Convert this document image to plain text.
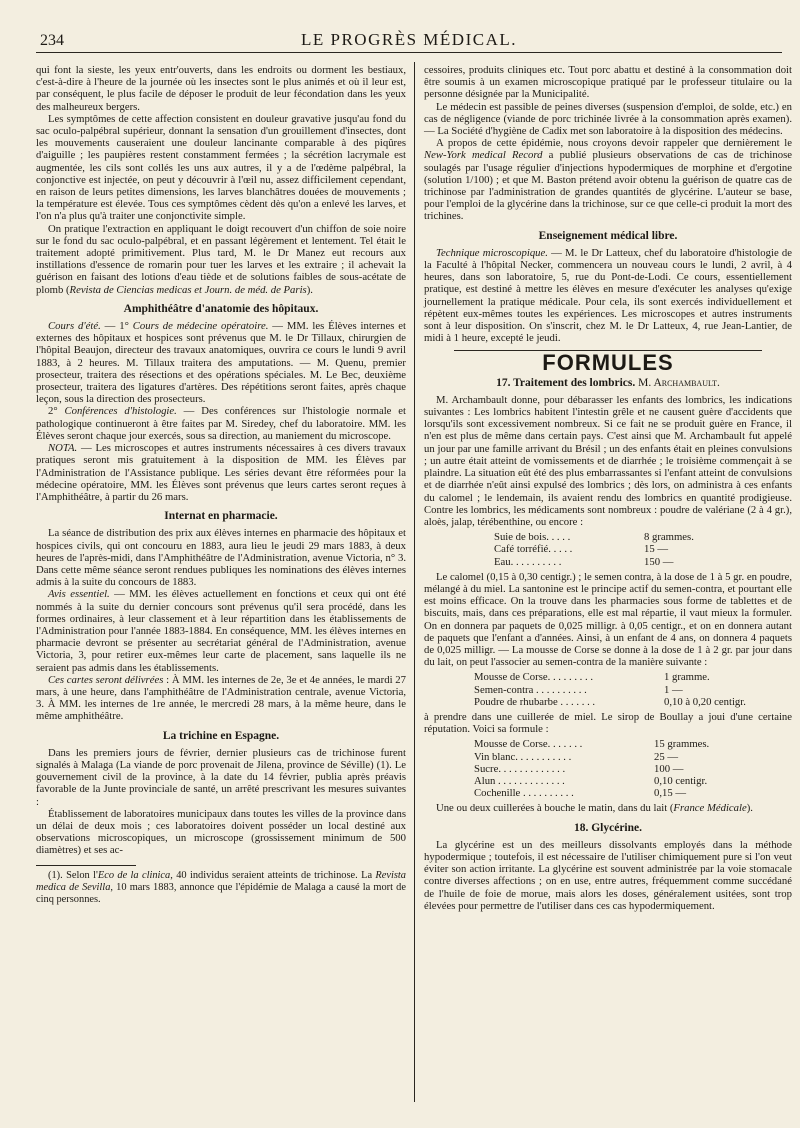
234	LE PROGRÈS MÉDICAL.

qui font la sieste, les yeux entr'ouverts, dans les endroits ou dorment les bestiaux, c'est-à-dire à l'heure de la journée où les insectes sont le plus animés et où il leur est, par conséquent, le plus facile de déposer le produit de leur fécondation dans les yeux des malheureux bergers.

Les symptômes de cette affection consistent en douleur gravative jusqu'au fond du sac oculo-palpébral supérieur, donnant la sensation d'un grouillement d'insectes, dont les mouvements causeraient une douleur lancinante comparable à des piqûres d'aiguille ; les paupières restent constamment fermées ; la sécrétion lacrymale est augmentée, les cils sont collés les uns aux autres, il y a de l'œdème palpébral, la conjonctive est injectée, on peut y découvrir à l'œil nu, assez difficilement cependant, en raison de leurs petites dimensions, les larves blanchâtres douées de mouvements ; la température est élevée. Tous ces symptômes cèdent dès qu'on a enlevé les larves, et l'on n'a plus qu'à traiter une conjonctivite simple.

On pratique l'extraction en appliquant le doigt recouvert d'un chiffon de soie noire sur le fond du sac oculo-palpébral, et en passant légèrement et lentement. Tel était le traitement adopté primitivement. Plus tard, M. le Dr Manez eut recours aux instillations d'essence de romarin pour tuer les larves et les extraire ; il achevait la guérison en faisant des lotions d'eau tiède et de solutions faibles de sous-acétate de plomb (Revista de Ciencias medicas et Journ. de méd. de Paris).

Amphithéâtre d'anatomie des hôpitaux.

Cours d'été. — 1° Cours de médecine opératoire. — MM. les Élèves internes et externes des hôpitaux et hospices sont prévenus que M. le Dr Tillaux, chirurgien de l'hôpital Beaujon, directeur des travaux anatomiques, ouvrira ce cours le lundi 9 avril 1883, à 2 heures. M. Tillaux traitera des amputations. — M. Quenu, premier prosecteur, traitera des résections et des opérations spéciales. M. Le Bec, deuxième prosecteur, traitera des ligatures d'artères. Des répétitions seront faites, après chaque leçon, sous la direction des prosecteurs.

2° Conférences d'histologie. — Des conférences sur l'histologie normale et pathologique continueront à être faites par M. Siredey, chef du laboratoire. MM. les Élèves seront chaque jour exercés, sous sa direction, au maniement du microscope.

NOTA. — Les microscopes et autres instruments nécessaires à ces divers travaux pratiques seront mis gratuitement à la disposition de MM. les Élèves par l'Administration de l'Assistance publique. Les séries devant être réformées pour la médecine opératoire, MM. les Élèves sont prévenus que leurs cartes seront reçues à l'Amphithéâtre, à partir du 26 mars.

Internat en pharmacie.

La séance de distribution des prix aux élèves internes en pharmacie des hôpitaux et hospices civils, qui ont concouru en 1883, aura lieu le jeudi 29 mars 1883, à deux heures de l'après-midi, dans l'Amphithéâtre de l'Administration, avenue Victoria, n° 3. Dans cette même séance seront rendues publiques les nominations des élèves internes admis à la suite du concours de 1883.

Avis essentiel. — MM. les élèves actuellement en fonctions et ceux qui ont été nommés à la suite du dernier concours sont prévenus qu'il sera procédé, dans les formes ordinaires, à leur classement et à leur répartition dans les établissements de l'Administration pour l'année 1883-1884. En conséquence, MM. les élèves internes en pharmacie devront se présenter au secrétariat général de l'Administration, avenue Victoria, 3, pour retirer eux-mêmes leur carte de placement, sans laquelle ils ne seraient pas admis dans les établissements.

Ces cartes seront délivrées : À MM. les internes de 2e, 3e et 4e années, le mardi 27 mars, à une heure, dans l'amphithéâtre de l'Administration centrale, avenue Victoria, 3. À MM. les internes de 1re année, le mercredi 28 mars, à la même heure, dans le même amphithéâtre.

La trichine en Espagne.

Dans les premiers jours de février, dernier plusieurs cas de trichinose furent signalés à Malaga (La viande de porc provenait de Jilena, province de Séville) (1). Le gouvernement civil de la province, à la date du 14 février, publia après préavis favorable de la Junte provinciale de santé, un arrêté prescrivant les mesures suivantes :

Établissement de laboratoires municipaux dans toutes les villes de la province dans un délai de deux mois ; ces laboratoires doivent posséder un local destiné aux observations microscopiques, un microscope (grossissement minimum de 500 diamètres) et ses ac-

(1). Selon l'Eco de la clinica, 40 individus seraient atteints de trichinose. La Revista medica de Sevilla, 10 mars 1883, annonce que l'épidémie de Malaga a causé la mort de cinq personnes.

cessoires, produits cliniques etc. Tout porc abattu et destiné à la consommation doit être soumis à un examen microscopique pratiqué par le professeur titulaire ou la personne désignée par la Municipalité.

Le médecin est passible de peines diverses (suspension d'emploi, de solde, etc.) en cas de négligence (viande de porc trichinée livrée à la consommation après examen). — La Société d'hygiène de Cadix met son laboratoire à la disposition des médecins.

A propos de cette épidémie, nous croyons devoir rappeler que dernièrement le New-York medical Record a publié plusieurs observations de cas de trichinose soulagés par l'usage régulier d'injections hypodermiques de morphine et d'ergotine (solution 1/100) ; et que M. Baston prétend avoir obtenu la guérison de quatre cas de trichinose par l'administration de grandes quantités de glycérine. L'auteur se base, pour l'emploi de la glycérine dans la trichinose, sur ce que celle-ci produit la mort des trichines.

Enseignement médical libre.

Technique microscopique. — M. le Dr Latteux, chef du laboratoire d'histologie de la Faculté à l'hôpital Necker, commencera un nouveau cours le lundi, 2 avril, à 4 heures, dans son laboratoire, 5, rue du Pont-de-Lodi. Ce cours, essentiellement pratique, est destiné à mettre les élèves en mesure d'exécuter les analyses qu'exige journellement la pratique médicale. Pour cela, ils sont exercés individuellement et répètent eux-mêmes toutes les expériences. Les microscopes et autres instruments sont à leur disposition. On s'inscrit, chez M. le Dr Latteux, 4, rue Jean-Lantier, de midi à 1 heure, excepté le jeudi.

FORMULES
17. Traitement des lombrics. M. Archambault.

M. Archambault donne, pour débarasser les enfants des lombrics, les indications suivantes : Les lombrics habitent l'intestin grêle et ne causent guère d'accidents que lorsqu'ils sont excessivement nombreux. Si ce fait ne se produit guère en France, il n'en est plus de même dans certain pays. C'est ainsi que M. Archambault fut appelé un jour par une famille arrivant du Brésil ; un des enfants était en pleines convulsions ; un autre était atteint de vomissements et de diarrhée ; le troisième commençait à se plaindre. La situation eût été des plus embarrassantes si l'enfant atteint de convulsions et de diarrhée n'eût ainsi expulsé des lombrics ; dès lors, on administra à ces enfants du calomel ; le lendemain, ils avaient rendu des lombrics en quantité prodigieuse. Contre les lombrics, les médicaments sont nombreux : poudre de valériane (2 à 4 gr.), aloès, jalap, térébenthine, ou encore :

Suie de bois. . . . .	8 grammes.
Café torréfié. . . . .	15 —
Eau. . . . . . . . . .	150 —

Le calomel (0,15 à 0,30 centigr.) ; le semen contra, à la dose de 1 à 5 gr. en poudre, mélangé à du miel. La santonine est le principe actif du semen-contra, et pourtant elle est moins efficace. On la trouve dans les pharmacies sous forme de tablettes et de biscuits, mais, dans ces préparations, elle est mal répartie, il vaut mieux la formuler. On en donnera par paquets de 0,025 milligr. à 0,05 centigr., et on en donnera autant de paquets que l'enfant a d'années. Ainsi, à un enfant de 4 ans, on donnera 4 paquets de 0,025 milligr. — La mousse de Corse se donne à la dose de 1 à 2 gr. par jour dans du lait, on peut l'associer au semen-contra de la manière suivante :

Mousse de Corse. . . . . . . . .	1 gramme.
Semen-contra . . . . . . . . . .	1 —
Poudre de rhubarbe . . . . . . .	0,10 à 0,20 centigr.

à prendre dans une cuillerée de miel. Le sirop de Boullay a joui d'une certaine réputation. Voici sa formule :

Mousse de Corse. . . . . . .	15 grammes.
Vin blanc. . . . . . . . . . .	25 —
Sucre. . . . . . . . . . . . .	100 —
Alun . . . . . . . . . . . . .	0,10 centigr.
Cochenille . . . . . . . . . .	0,15 —

Une ou deux cuillerées à bouche le matin, dans du lait (France Médicale).

18. Glycérine.

La glycérine est un des meilleurs dissolvants employés dans la méthode hypodermique ; toutefois, il est nécessaire de l'utiliser chimiquement pure si l'on veut éviter son action irritante. La glycérine est souvent administrée par la voie stomacale contre diverses affections ; on en use, entre autres, fréquemment comme succédané de l'huile de foie de morue, mais alors les doses, généralement usitées, sont trop élevées pour permettre de l'utiliser dans ces cas hypodermiquement.
